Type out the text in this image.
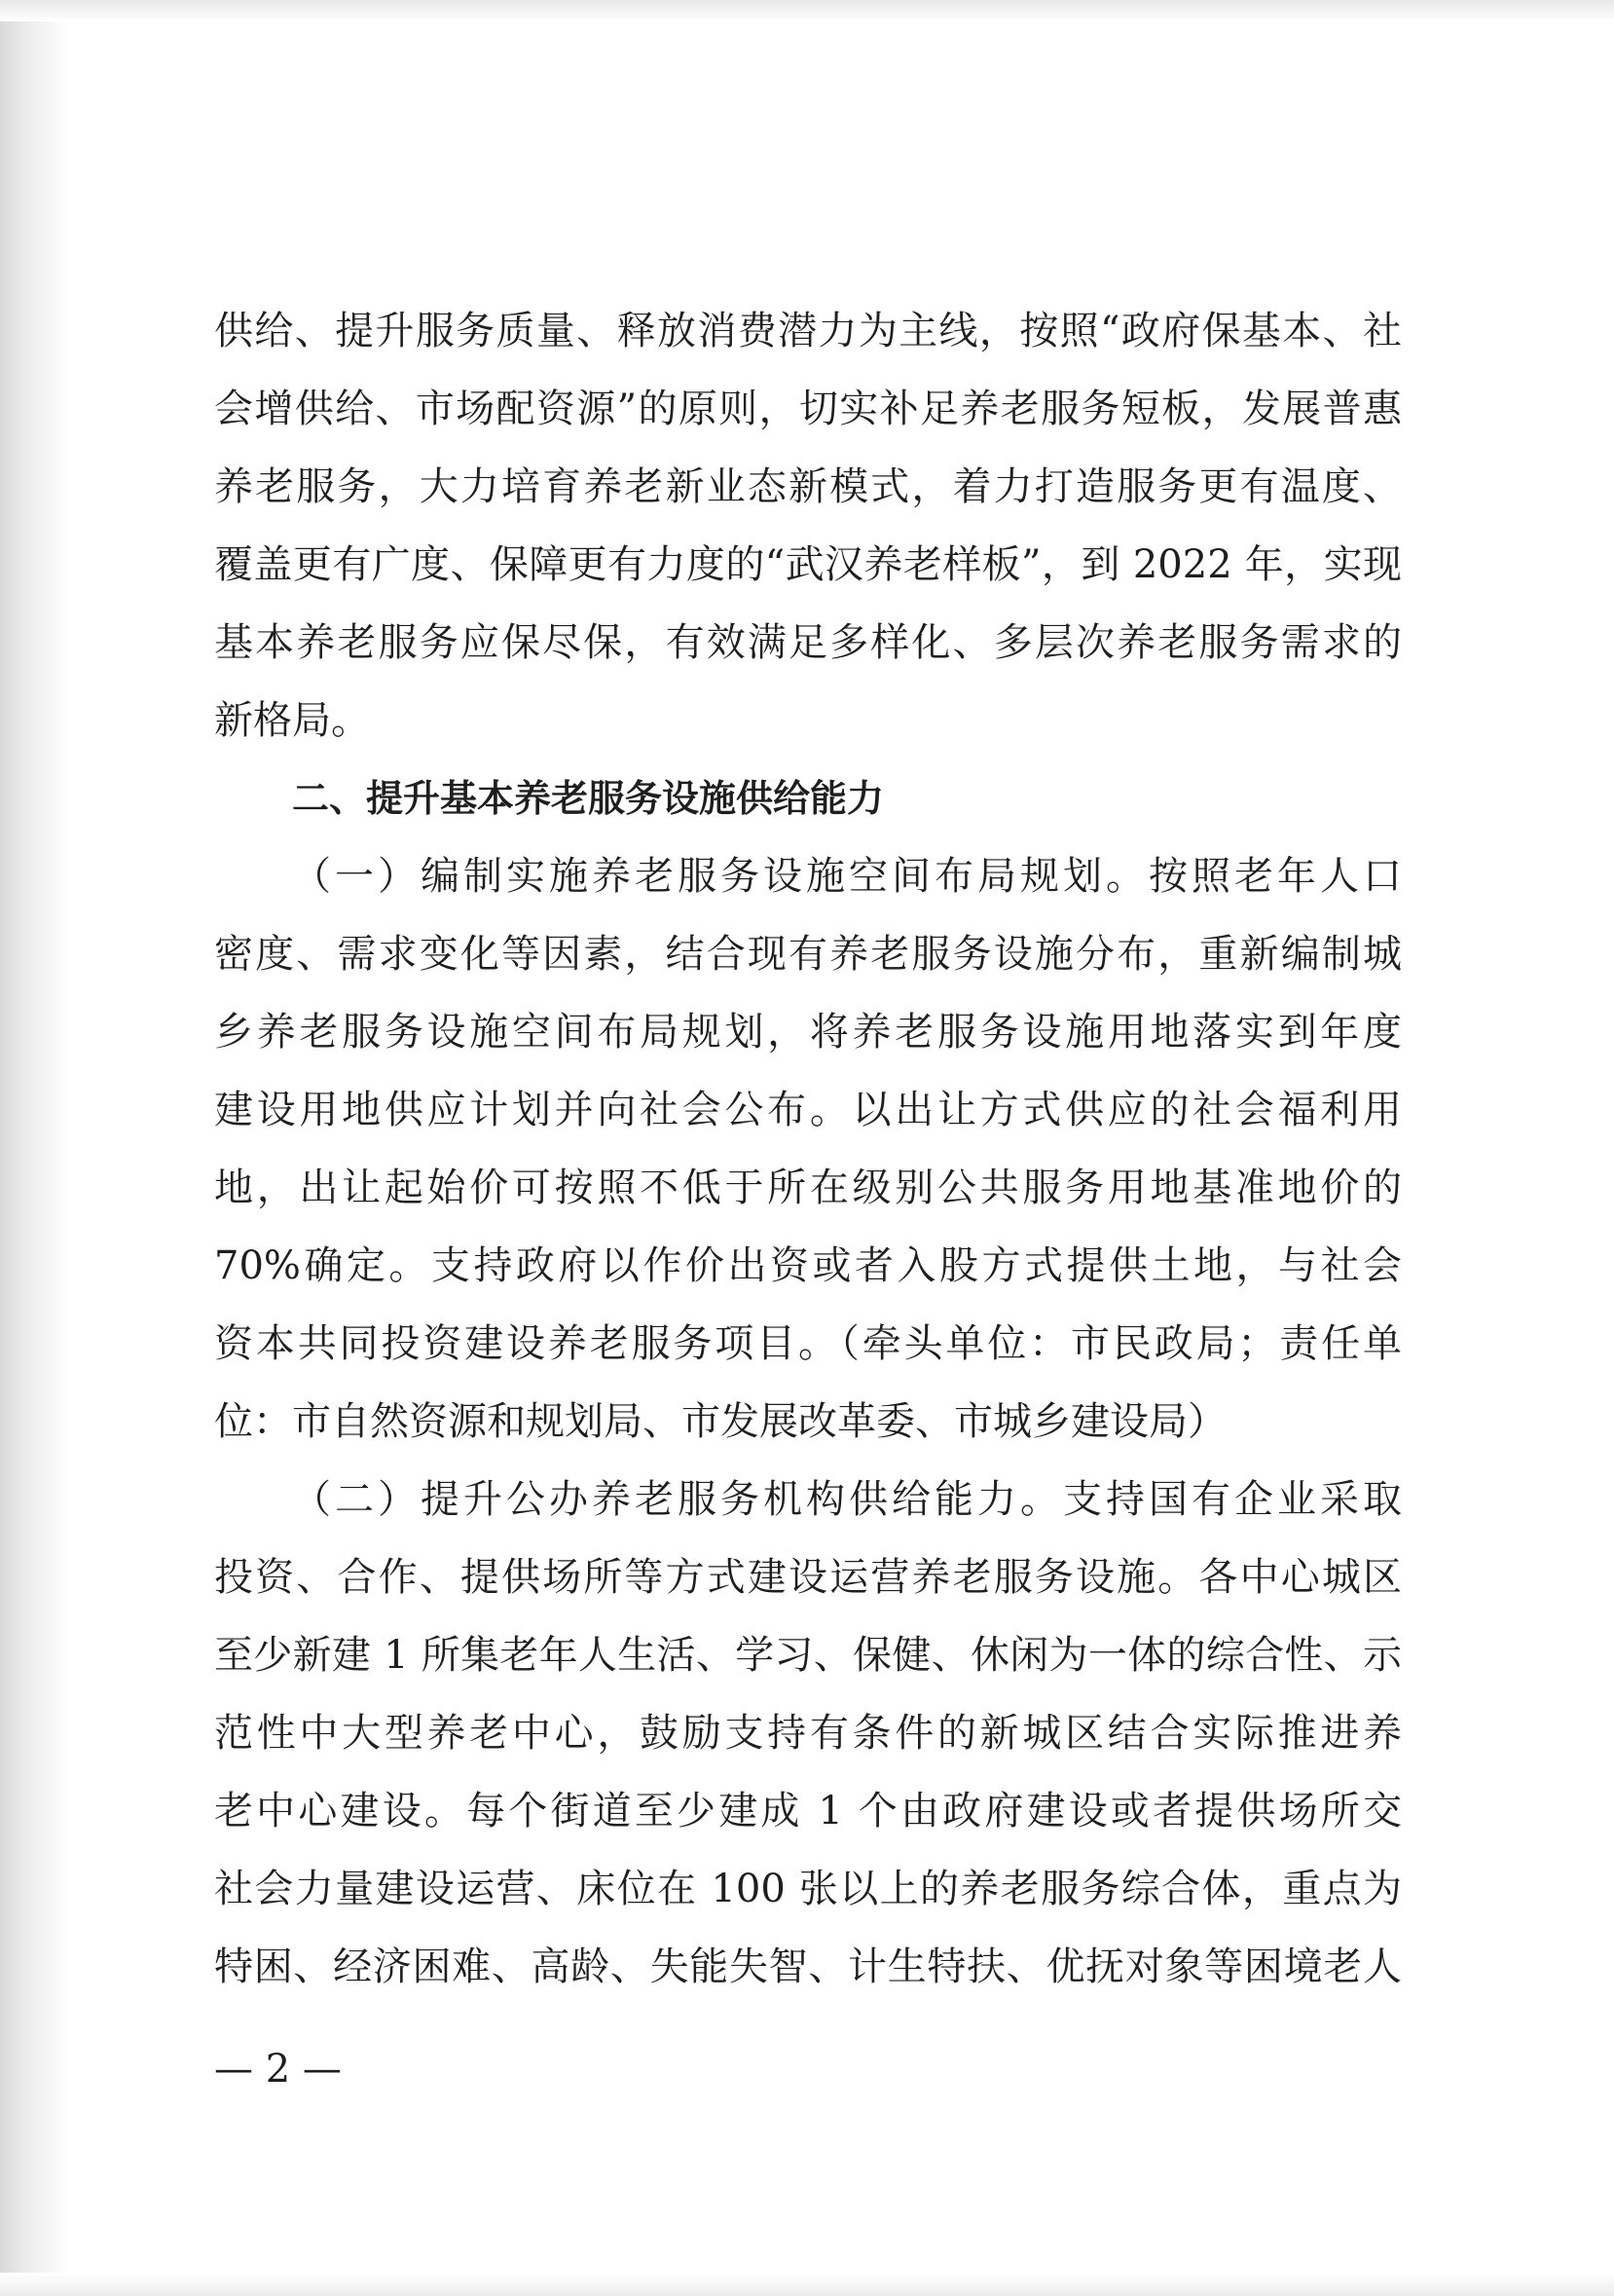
供给、提升服务质量、释放消费潜力为主线，按照“政府保基本、社
会增供给、市场配资源”的原则，切实补足养老服务短板，发展普惠
养老服务，大力培育养老新业态新模式，着力打造服务更有温度、
覆盖更有广度、保障更有力度的“武汉养老样板”，到 2022 年，实现
基本养老服务应保尽保，有效满足多样化、多层次养老服务需求的
新格局。
二、提升基本养老服务设施供给能力
（一）编制实施养老服务设施空间布局规划。按照老年人口
密度、需求变化等因素，结合现有养老服务设施分布，重新编制城
乡养老服务设施空间布局规划，将养老服务设施用地落实到年度
建设用地供应计划并向社会公布。以出让方式供应的社会福利用
地，出让起始价可按照不低于所在级别公共服务用地基准地价的
70%确定。支持政府以作价出资或者入股方式提供土地，与社会
资本共同投资建设养老服务项目。（牵头单位：市民政局；责任单
位：市自然资源和规划局、市发展改革委、市城乡建设局）
（二）提升公办养老服务机构供给能力。支持国有企业采取
投资、合作、提供场所等方式建设运营养老服务设施。各中心城区
至少新建 1 所集老年人生活、学习、保健、休闲为一体的综合性、示
范性中大型养老中心，鼓励支持有条件的新城区结合实际推进养
老中心建设。每个街道至少建成 1 个由政府建设或者提供场所交
社会力量建设运营、床位在 100 张以上的养老服务综合体，重点为
特困、经济困难、高龄、失能失智、计生特扶、优抚对象等困境老人
— 2 —
